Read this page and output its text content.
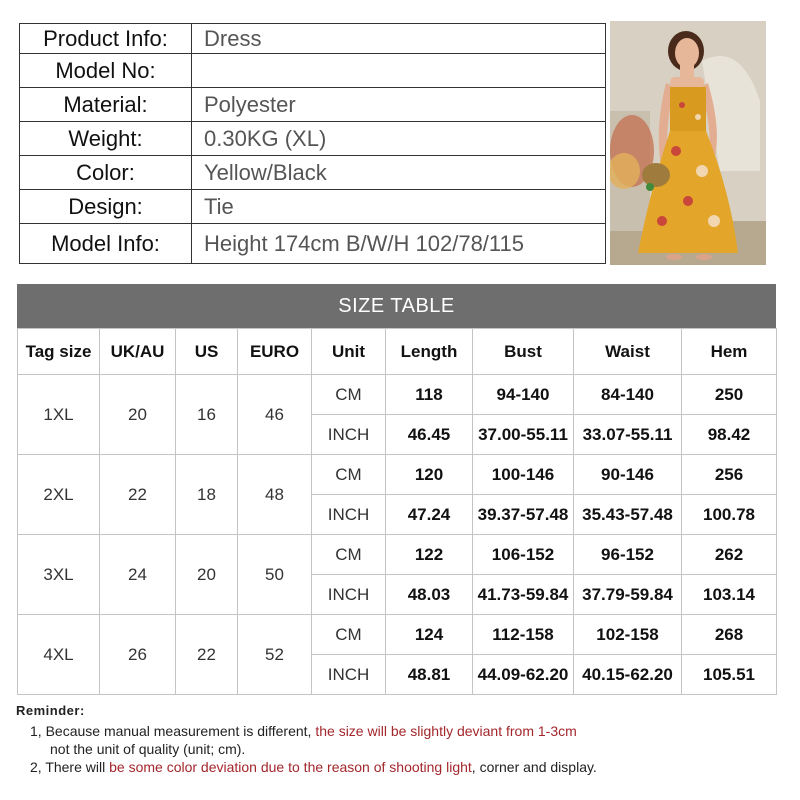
Product Info:	Dress
Model No:	
Material:	Polyester
Weight:	0.30KG (XL)
Color:	Yellow/Black
Design:	Tie
Model Info:	Height 174cm B/W/H 102/78/115
SIZE TABLE
Tag size	UK/AU	US	EURO	Unit	Length	Bust	Waist	Hem
1XL	20	16	46	CM	118	94-140	84-140	250
				INCH	46.45	37.00-55.11	33.07-55.11	98.42
2XL	22	18	48	CM	120	100-146	90-146	256
				INCH	47.24	39.37-57.48	35.43-57.48	100.78
3XL	24	20	50	CM	122	106-152	96-152	262
				INCH	48.03	41.73-59.84	37.79-59.84	103.14
4XL	26	22	52	CM	124	112-158	102-158	268
				INCH	48.81	44.09-62.20	40.15-62.20	105.51
Reminder:
1, Because manual measurement is different, the size will be slightly deviant from 1-3cm
not the unit of quality (unit; cm).
2, There will be some color deviation due to the reason of shooting light, corner and display.
